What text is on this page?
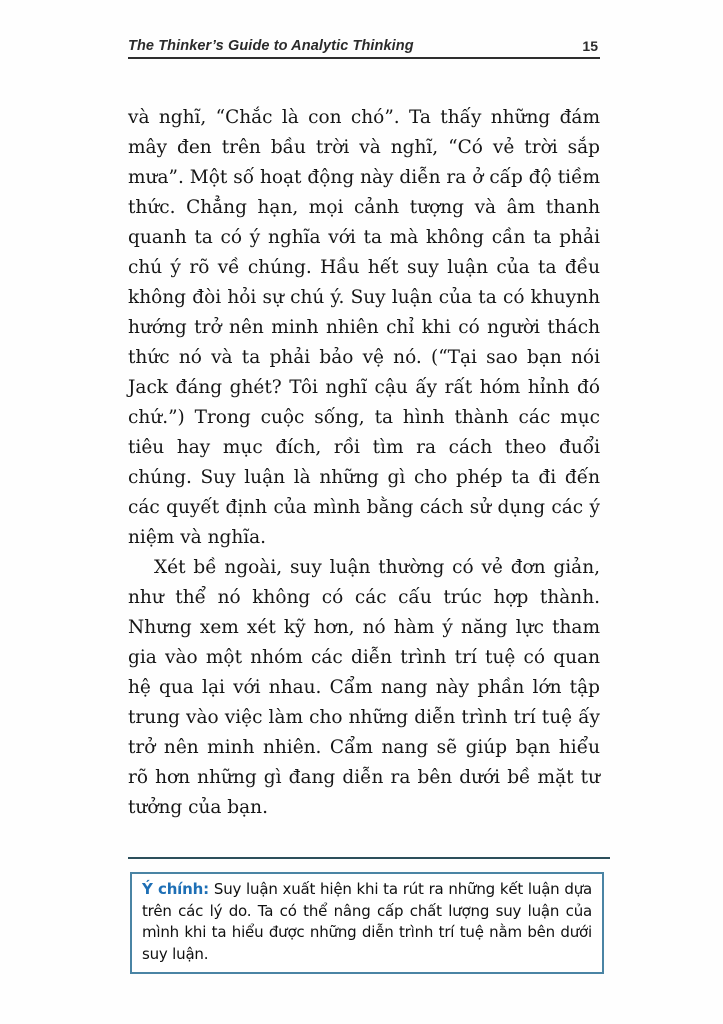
The Thinker’s Guide to Analytic Thinking	15

và nghĩ, “Chắc là con chó”. Ta thấy những đám mây đen trên bầu trời và nghĩ, “Có vẻ trời sắp mưa”. Một số hoạt động này diễn ra ở cấp độ tiềm thức. Chẳng hạn, mọi cảnh tượng và âm thanh quanh ta có ý nghĩa với ta mà không cần ta phải chú ý rõ về chúng. Hầu hết suy luận của ta đều không đòi hỏi sự chú ý. Suy luận của ta có khuynh hướng trở nên minh nhiên chỉ khi có người thách thức nó và ta phải bảo vệ nó. (“Tại sao bạn nói Jack đáng ghét? Tôi nghĩ cậu ấy rất hóm hỉnh đó chứ.”) Trong cuộc sống, ta hình thành các mục tiêu hay mục đích, rồi tìm ra cách theo đuổi chúng. Suy luận là những gì cho phép ta đi đến các quyết định của mình bằng cách sử dụng các ý niệm và nghĩa.

Xét bề ngoài, suy luận thường có vẻ đơn giản, như thể nó không có các cấu trúc hợp thành. Nhưng xem xét kỹ hơn, nó hàm ý năng lực tham gia vào một nhóm các diễn trình trí tuệ có quan hệ qua lại với nhau. Cẩm nang này phần lớn tập trung vào việc làm cho những diễn trình trí tuệ ấy trở nên minh nhiên. Cẩm nang sẽ giúp bạn hiểu rõ hơn những gì đang diễn ra bên dưới bề mặt tư tưởng của bạn.

Ý chính: Suy luận xuất hiện khi ta rút ra những kết luận dựa trên các lý do. Ta có thể nâng cấp chất lượng suy luận của mình khi ta hiểu được những diễn trình trí tuệ nằm bên dưới suy luận.
